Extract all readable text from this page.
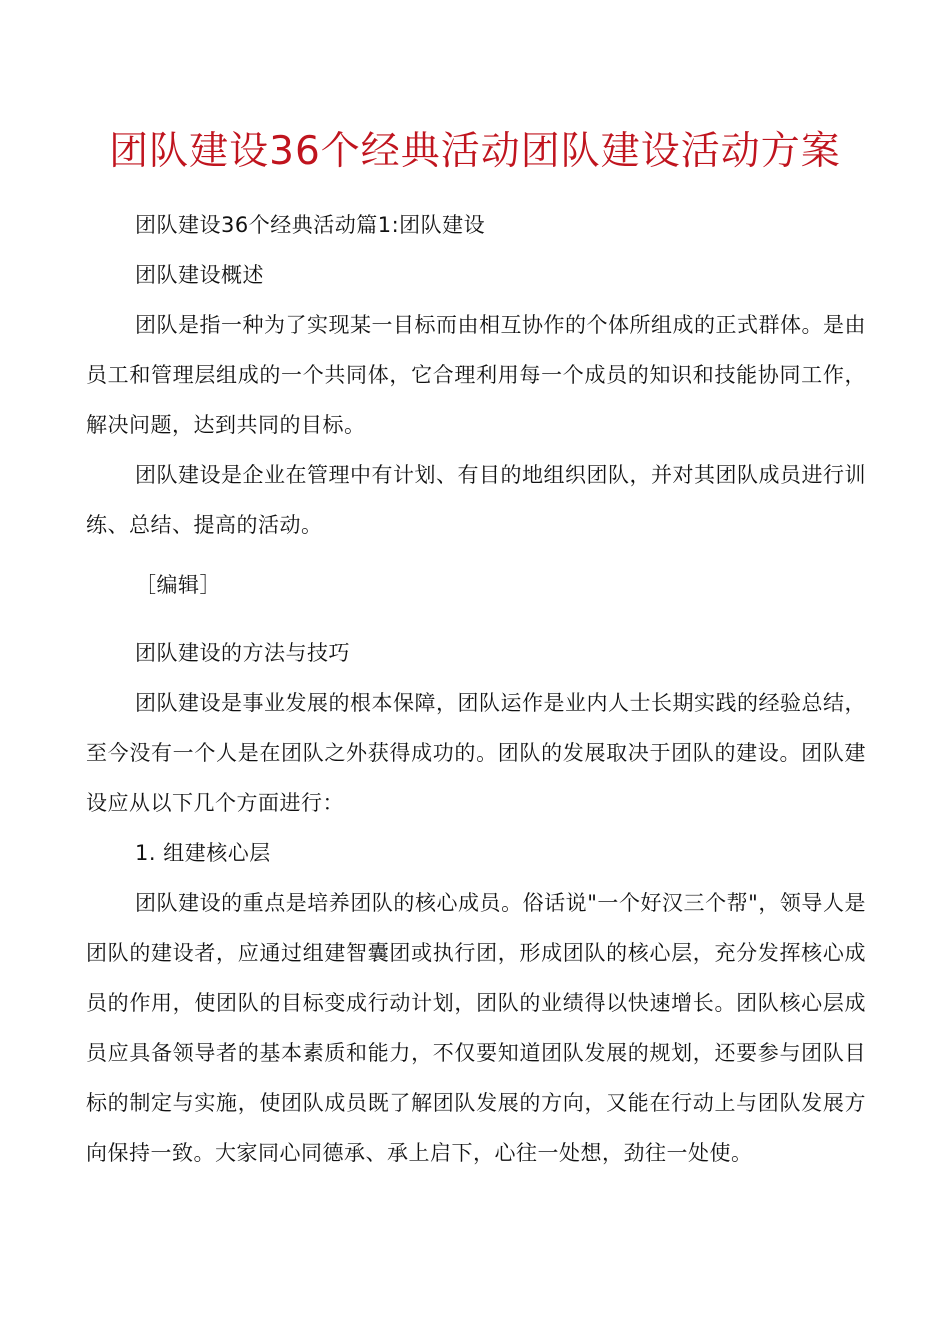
团队建设36个经典活动团队建设活动方案

团队建设36个经典活动篇1:团队建设

团队建设概述

团队是指一种为了实现某一目标而由相互协作的个体所组成的正式群体。是由员工和管理层组成的一个共同体，它合理利用每一个成员的知识和技能协同工作，解决问题，达到共同的目标。

团队建设是企业在管理中有计划、有目的地组织团队，并对其团队成员进行训练、总结、提高的活动。

［编辑］

团队建设的方法与技巧

团队建设是事业发展的根本保障，团队运作是业内人士长期实践的经验总结，至今没有一个人是在团队之外获得成功的。团队的发展取决于团队的建设。团队建设应从以下几个方面进行：

1. 组建核心层

团队建设的重点是培养团队的核心成员。俗话说"一个好汉三个帮"，领导人是团队的建设者，应通过组建智囊团或执行团，形成团队的核心层，充分发挥核心成员的作用，使团队的目标变成行动计划，团队的业绩得以快速增长。团队核心层成员应具备领导者的基本素质和能力，不仅要知道团队发展的规划，还要参与团队目标的制定与实施，使团队成员既了解团队发展的方向，又能在行动上与团队发展方向保持一致。大家同心同德承、承上启下，心往一处想，劲往一处使。
